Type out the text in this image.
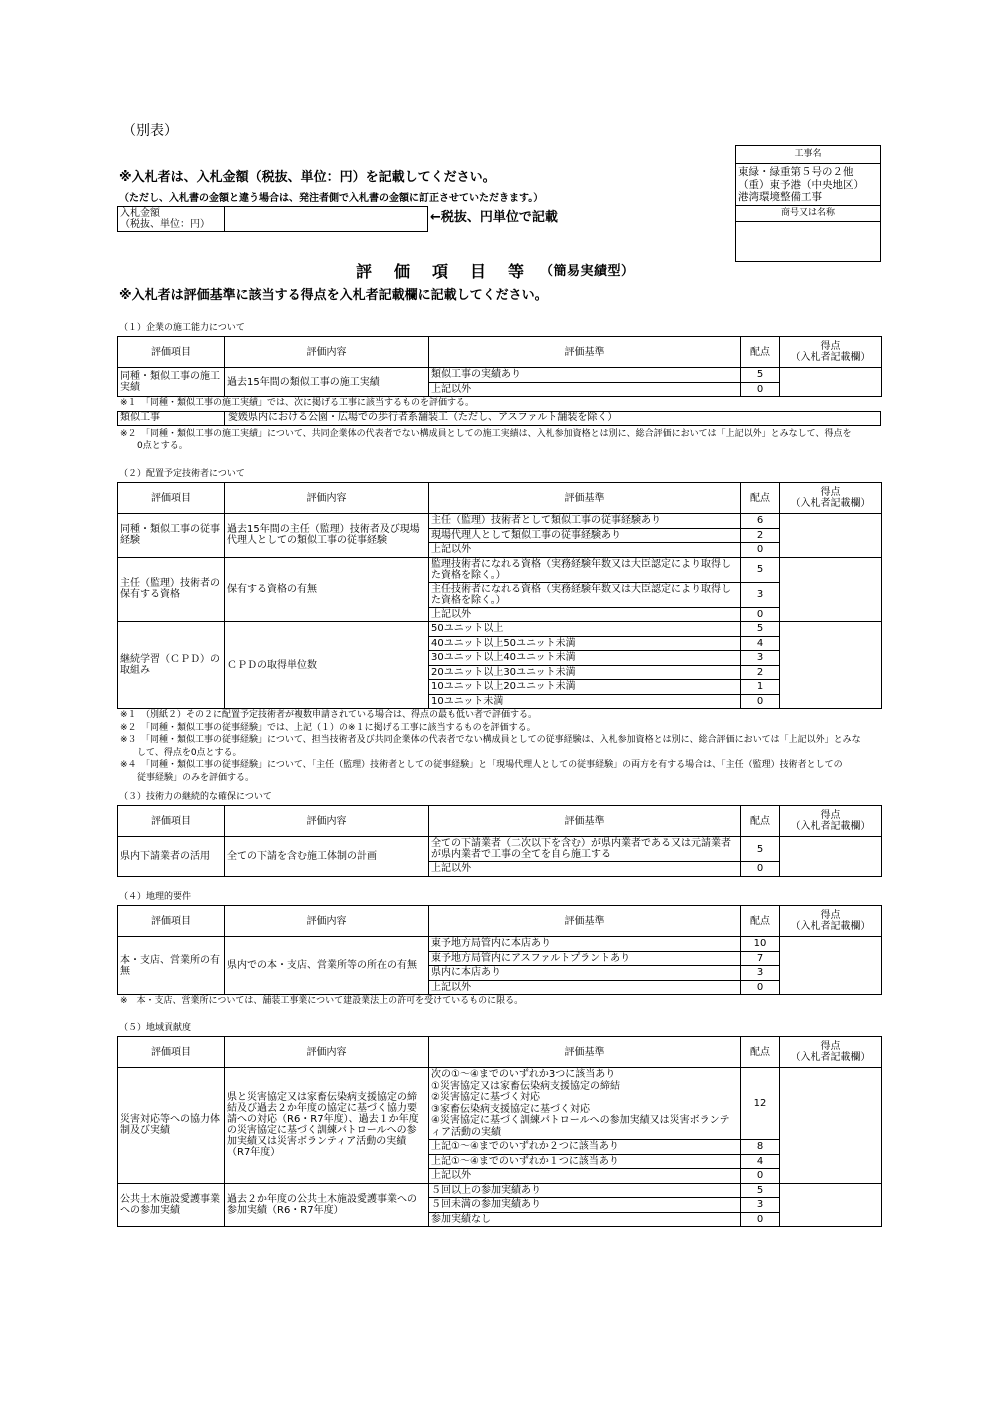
（別表）
※入札者は、入札金額（税抜、単位：円）を記載してください。
（ただし、入札書の金額と違う場合は、発注者側で入札書の金額に訂正させていただきます。）
入札金額
（税抜、単位：円）	←税抜、円単位で記載
工事名
東緑・緑重第５号の２他
（重）東予港（中央地区）
港湾環境整備工事
商号又は名称
評　価　項　目　等 （簡易実績型）
※入札者は評価基準に該当する得点を入札者記載欄に記載してください。
（１）企業の施工能力について
評価項目	評価内容	評価基準	配点	得点
（入札者記載欄）

同種・類似工事の施工実績	過去15年間の類似工事の施工実績	類似工事の実績あり	5	
		上記以外	0	
※１　「同種・類似工事の施工実績」では、次に掲げる工事に該当するものを評価する。
類似工事	愛媛県内における公園・広場での歩行者系舗装工（ただし、アスファルト舗装を除く）
※２　「同種・類似工事の施工実績」について、共同企業体の代表者でない構成員としての施工実績は、入札参加資格とは別に、総合評価においては「上記以外」とみなして、得点を
0点とする。
（２）配置予定技術者について
評価項目	評価内容	評価基準	配点	得点
（入札者記載欄）

同種・類似工事の従事経験	過去15年間の主任（監理）技術者及び現場代理人としての類似工事の従事経験	主任（監理）技術者として類似工事の従事経験あり	6	
		現場代理人として類似工事の従事経験あり	2	
		上記以外	0	
主任（監理）技術者の保有する資格	保有する資格の有無	監理技術者になれる資格（実務経験年数又は大臣認定により取得した資格を除く。）	5	
		主任技術者になれる資格（実務経験年数又は大臣認定により取得した資格を除く。）	3	
		上記以外	0	
継続学習（ＣＰＤ）の取組み	ＣＰＤの取得単位数	50ユニット以上	5	
		40ユニット以上50ユニット未満	4	
		30ユニット以上40ユニット未満	3	
		20ユニット以上30ユニット未満	2	
		10ユニット以上20ユニット未満	1	
		10ユニット未満	0	
※１　（別紙２）その２に配置予定技術者が複数申請されている場合は、得点の最も低い者で評価する。
※２　「同種・類似工事の従事経験」では、上記（１）の※１に掲げる工事に該当するものを評価する。
※３　「同種・類似工事の従事経験」について、担当技術者及び共同企業体の代表者でない構成員としての従事経験は、入札参加資格とは別に、総合評価においては「上記以外」とみな
して、得点を0点とする。
※４　「同種・類似工事の従事経験」について、「主任（監理）技術者としての従事経験」と「現場代理人としての従事経験」の両方を有する場合は、「主任（監理）技術者としての
従事経験」のみを評価する。
（３）技術力の継続的な確保について
評価項目	評価内容	評価基準	配点	得点
（入札者記載欄）

県内下請業者の活用	全ての下請を含む施工体制の計画	全ての下請業者（二次以下を含む）が県内業者である又は元請業者が県内業者で工事の全てを自ら施工する	5	
		上記以外	0	
（４）地理的要件
評価項目	評価内容	評価基準	配点	得点
（入札者記載欄）

本・支店、営業所の有無	県内での本・支店、営業所等の所在の有無	東予地方局管内に本店あり	10	
		東予地方局管内にアスファルトプラントあり	7	
		県内に本店あり	3	
		上記以外	0	
※　本・支店、営業所については、舗装工事業について建設業法上の許可を受けているものに限る。
（５）地域貢献度
評価項目	評価内容	評価基準	配点	得点
（入札者記載欄）

災害対応等への協力体制及び実績	県と災害協定又は家畜伝染病支援協定の締結及び過去２か年度の協定に基づく協力要請への対応（R6・R7年度）、過去１か年度の災害協定に基づく訓練パトロールへの参加実績又は災害ボランティア活動の実績（R7年度）	次の①～④までのいずれか3つに該当あり
①災害協定又は家畜伝染病支援協定の締結
②災害協定に基づく対応
③家畜伝染病支援協定に基づく対応
④災害協定に基づく訓練パトロールへの参加実績又は災害ボランティア活動の実績	12	
		上記①～④までのいずれか２つに該当あり	8	
		上記①～④までのいずれか１つに該当あり	4	
		上記以外	0	
公共土木施設愛護事業への参加実績	過去２か年度の公共土木施設愛護事業への参加実績（R6・R7年度）	５回以上の参加実績あり	5	
		５回未満の参加実績あり	3	
		参加実績なし	0	
